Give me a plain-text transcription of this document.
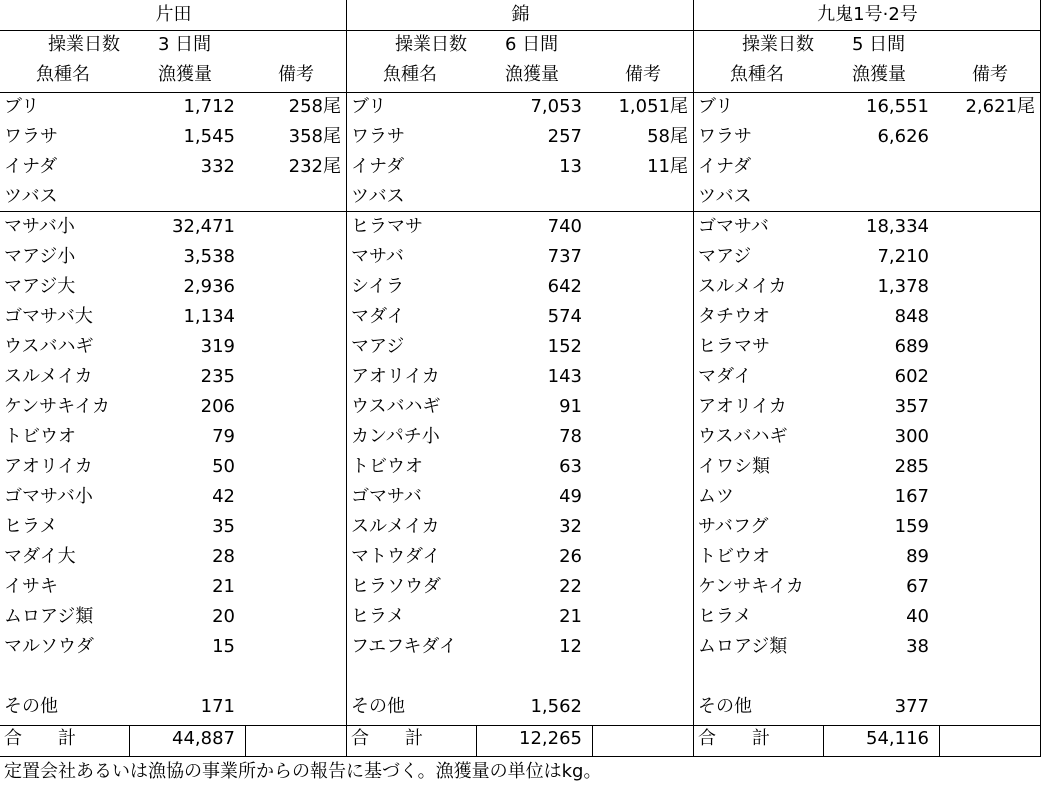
片田
操業日数 3 日間
魚種名	漁獲量	備考
ブリ	1,712	258尾
ワラサ	1,545	358尾
イナダ	332	232尾
ツバス
マサバ小	32,471
マアジ小	3,538
マアジ大	2,936
ゴマサバ大	1,134
ウスバハギ	319
スルメイカ	235
ケンサキイカ	206
トビウオ	79
アオリイカ	50
ゴマサバ小	42
ヒラメ	35
マダイ大	28
イサキ	21
ムロアジ類	20
マルソウダ	15
その他	171
合　　計	44,887
錦
操業日数 6 日間
魚種名	漁獲量	備考
ブリ	7,053 1,051尾
ワラサ	257	58尾
イナダ	13	11尾
ツバス
ヒラマサ	740
マサバ	737
シイラ	642
マダイ	574
マアジ	152
アオリイカ	143
ウスバハギ	91
カンパチ小	78
トビウオ	63
ゴマサバ	49
スルメイカ	32
マトウダイ	26
ヒラソウダ	22
ヒラメ	21
フエフキダイ	12
その他	1,562
合　　計	12,265
九鬼1号·2号
操業日数 5 日間
魚種名	漁獲量	備考
ブリ	16,551 2,621尾
ワラサ	6,626
イナダ
ツバス
ゴマサバ	18,334
マアジ	7,210
スルメイカ	1,378
タチウオ	848
ヒラマサ	689
マダイ	602
アオリイカ	357
ウスバハギ	300
イワシ類	285
ムツ	167
サバフグ	159
トビウオ	89
ケンサキイカ	67
ヒラメ	40
ムロアジ類	38
その他	377
合　　計	54,116
定置会社あるいは漁協の事業所からの報告に基づく。漁獲量の単位はkg。
